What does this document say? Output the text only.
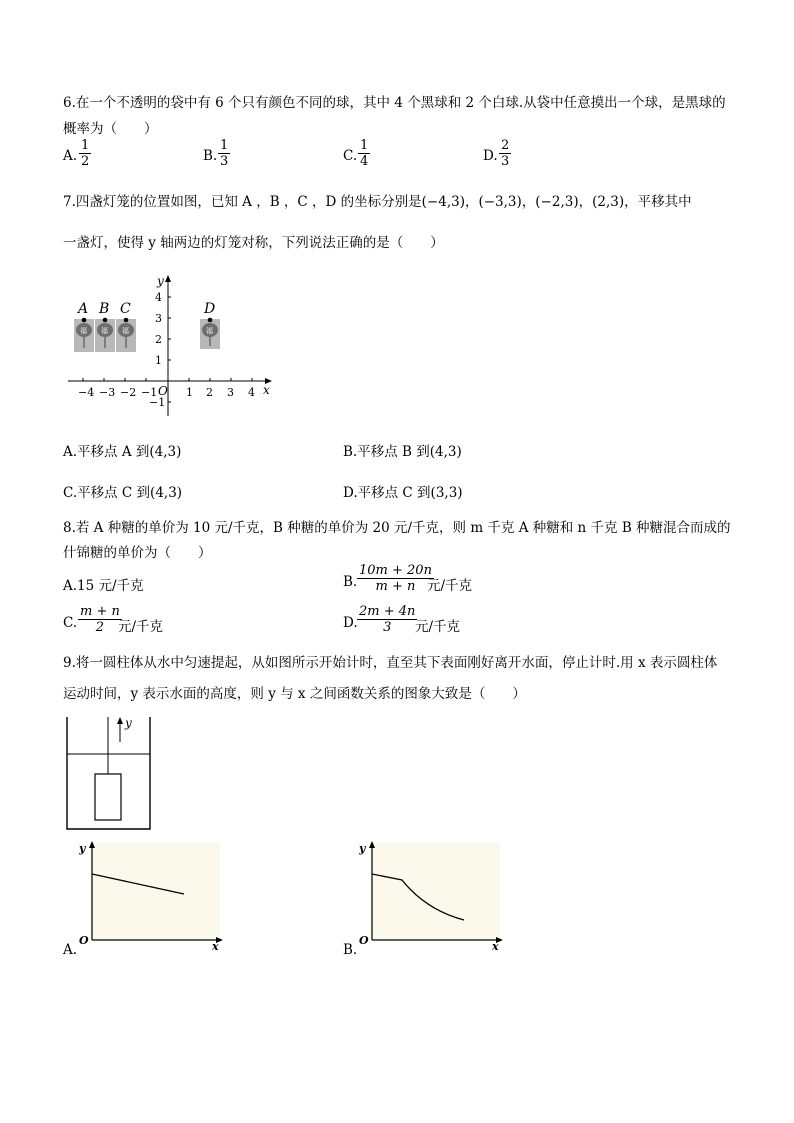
6.在一个不透明的袋中有 6 个只有颜色不同的球，其中 4 个黑球和 2 个白球.从袋中任意摸出一个球，是黑球的
概率为（　　）
A.
1
2	B.
1
3	C.
1
4	D.
2
3
7.四盏灯笼的位置如图，已知 A ，B ，C ，D 的坐标分别是(−4,3)，(−3,3)，(−2,3)，(2,3)，平移其中
一盏灯，使得 y 轴两边的灯笼对称，下列说法正确的是（　　）
x
y
O
−4 −3 −2 −1	1 2 3 4
4
3
2
1
−1
福
A
福
B
福
C
福
D
A.平移点 A 到(4,3)	B.平移点 B 到(4,3)
C.平移点 C 到(4,3)	D.平移点 C 到(3,3)
8.若 A 种糖的单价为 10 元/千克，B 种糖的单价为 20 元/千克，则 m 千克 A 种糖和 n 千克 B 种糖混合而成的
什锦糖的单价为（　　）
A.15 元/千克	B.
10m + 20n
m + n 元/千克
C.
m + n
2	元/千克	D.
2m + 4n
3	元/千克
9.将一圆柱体从水中匀速提起，从如图所示开始计时，直至其下表面刚好离开水面，停止计时.用 x 表示圆柱体
运动时间，y 表示水面的高度，则 y 与 x 之间函数关系的图象大致是（　　）
y
A.
y
O	x	B.
y
O	x
